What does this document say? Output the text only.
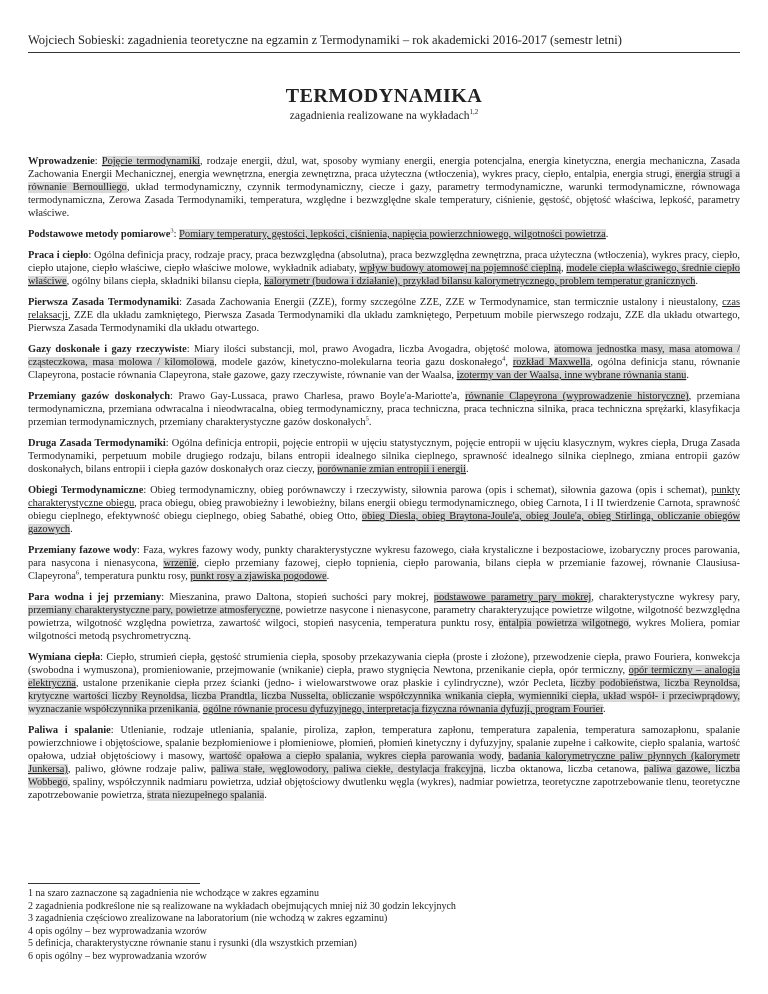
Wojciech Sobieski: zagadnienia teoretyczne na egzamin z Termodynamiki – rok akademicki 2016-2017 (semestr letni)
TERMODYNAMIKA
zagadnienia realizowane na wykładach$^{1,2}$

Wprowadzenie: Pojęcie termodynamiki, rodzaje energii, dżul, wat, sposoby wymiany energii, energia potencjalna, energia kinetyczna, energia mechaniczna, Zasada Zachowania Energii Mechanicznej, energia wewnętrzna, energia zewnętrzna, praca użyteczna (wtłoczenia), wykres pracy, ciepło, entalpia, energia strugi, energia strugi a równanie Bernoulliego, układ termodynamiczny, czynnik termodynamiczny, ciecze i gazy, parametry termodynamiczne, warunki termodynamiczne, równowaga termodynamiczna, Zerowa Zasada Termodynamiki, temperatura, względne i bezwzględne skale temperatury, ciśnienie, gęstość, objętość właściwa, lepkość, parametry właściwe.

Podstawowe metody pomiarowe$^3$: Pomiary temperatury, gęstości, lepkości, ciśnienia, napięcia powierzchniowego, wilgotności powietrza.

Praca i ciepło: Ogólna definicja pracy, rodzaje pracy, praca bezwzględna (absolutna), praca bezwzględna zewnętrzna, praca użyteczna (wtłoczenia), wykres pracy, ciepło, ciepło utajone, ciepło właściwe, ciepło właściwe molowe, wykładnik adiabaty, wpływ budowy atomowej na pojemność cieplną, modele ciepła właściwego, średnie ciepło właściwe, ogólny bilans ciepła, składniki bilansu ciepła, kalorymetr (budowa i działanie), przykład bilansu kalorymetrycznego, problem temperatur granicznych.

Pierwsza Zasada Termodynamiki: Zasada Zachowania Energii (ZZE), formy szczególne ZZE, ZZE w Termodynamice, stan termicznie ustalony i nieustalony, czas relaksacji, ZZE dla układu zamkniętego, Pierwsza Zasada Termodynamiki dla układu zamkniętego, Perpetuum mobile pierwszego rodzaju, ZZE dla układu otwartego, Pierwsza Zasada Termodynamiki dla układu otwartego.

Gazy doskonałe i gazy rzeczywiste: Miary ilości substancji, mol, prawo Avogadra, liczba Avogadra, objętość molowa, atomowa jednostka masy, masa atomowa / cząsteczkowa, masa molowa / kilomolowa, modele gazów, kinetyczno-molekularna teoria gazu doskonałego$^4$, rozkład Maxwella, ogólna definicja stanu, równanie Clapeyrona, postacie równania Clapeyrona, stałe gazowe, gazy rzeczywiste, równanie van der Waalsa, izotermy van der Waalsa, inne wybrane równania stanu.

Przemiany gazów doskonałych: Prawo Gay-Lussaca, prawo Charlesa, prawo Boyle'a-Mariotte'a, równanie Clapeyrona (wyprowadzenie historyczne), przemiana termodynamiczna, przemiana odwracalna i nieodwracalna, obieg termodynamiczny, praca techniczna, praca techniczna silnika, praca techniczna sprężarki, klasyfikacja przemian termodynamicznych, przemiany charakterystyczne gazów doskonałych$^5$.

Druga Zasada Termodynamiki: Ogólna definicja entropii, pojęcie entropii w ujęciu statystycznym, pojęcie entropii w ujęciu klasycznym, wykres ciepła, Druga Zasada Termodynamiki, perpetuum mobile drugiego rodzaju, bilans entropii idealnego silnika cieplnego, sprawność idealnego silnika cieplnego, zmiana entropii gazów doskonałych, bilans entropii i ciepła gazów doskonałych oraz cieczy, porównanie zmian entropii i energii.

Obiegi Termodynamiczne: Obieg termodynamiczny, obieg porównawczy i rzeczywisty, siłownia parowa (opis i schemat), siłownia gazowa (opis i schemat), punkty charakterystyczne obiegu, praca obiegu, obieg prawobieżny i lewobieżny, bilans energii obiegu termodynamicznego, obieg Carnota, I i II twierdzenie Carnota, sprawność obiegu cieplnego, efektywność obiegu cieplnego, obieg Sabathé, obieg Otto, obieg Diesla, obieg Braytona-Joule'a, obieg Joule'a, obieg Stirlinga, obliczanie obiegów gazowych.

Przemiany fazowe wody: Faza, wykres fazowy wody, punkty charakterystyczne wykresu fazowego, ciała krystaliczne i bezpostaciowe, izobaryczny proces parowania, para nasycona i nienasycona, wrzenie, ciepło przemiany fazowej, ciepło topnienia, ciepło parowania, bilans ciepła w przemianie fazowej, równanie Clausiusa-Clapeyrona$^6$, temperatura punktu rosy, punkt rosy a zjawiska pogodowe.

Para wodna i jej przemiany: Mieszanina, prawo Daltona, stopień suchości pary mokrej, podstawowe parametry pary mokrej, charakterystyczne wykresy pary, przemiany charakterystyczne pary, powietrze atmosferyczne, powietrze nasycone i nienasycone, parametry charakteryzujące powietrze wilgotne, wilgotność bezwzględna powietrza, wilgotność względna powietrza, zawartość wilgoci, stopień nasycenia, temperatura punktu rosy, entalpia powietrza wilgotnego, wykres Moliera, pomiar wilgotności metodą psychrometryczną.

Wymiana ciepła: Ciepło, strumień ciepła, gęstość strumienia ciepła, sposoby przekazywania ciepła (proste i złożone), przewodzenie ciepła, prawo Fouriera, konwekcja (swobodna i wymuszona), promieniowanie, przejmowanie (wnikanie) ciepła, prawo stygnięcia Newtona, przenikanie ciepła, opór termiczny, opór termiczny – analogia elektryczna, ustalone przenikanie ciepła przez ścianki (jedno- i wielowarstwowe oraz płaskie i cylindryczne), wzór Pecleta, liczby podobieństwa, liczba Reynoldsa, krytyczne wartości liczby Reynoldsa, liczba Prandtla, liczba Nusselta, obliczanie współczynnika wnikania ciepła, wymienniki ciepła, układ współ- i przeciwprądowy, wyznaczanie współczynnika przenikania, ogólne równanie procesu dyfuzyjnego, interpretacja fizyczna równania dyfuzji, program Fourier.

Paliwa i spalanie: Utlenianie, rodzaje utleniania, spalanie, piroliza, zapłon, temperatura zapłonu, temperatura zapalenia, temperatura samozapłonu, spalanie powierzchniowe i objętościowe, spalanie bezpłomieniowe i płomieniowe, płomień, płomień kinetyczny i dyfuzyjny, spalanie zupełne i całkowite, ciepło spalania, wartość opałowa, udział objętościowy i masowy, wartość opałowa a ciepło spalania, wykres ciepła parowania wody, badania kalorymetryczne paliw płynnych (kalorymetr Junkersa), paliwo, główne rodzaje paliw, paliwa stałe, węglowodory, paliwa ciekłe, destylacja frakcyjna, liczba oktanowa, liczba cetanowa, paliwa gazowe, liczba Wobbego, spaliny, współczynnik nadmiaru powietrza, udział objętościowy dwutlenku węgla (wykres), nadmiar powietrza, teoretyczne zapotrzebowanie tlenu, teoretyczne zapotrzebowanie powietrza, strata niezupełnego spalania.

1 na szaro zaznaczone są zagadnienia nie wchodzące w zakres egzaminu
2 zagadnienia podkreślone nie są realizowane na wykładach obejmujących mniej niż 30 godzin lekcyjnych
3 zagadnienia częściowo zrealizowane na laboratorium (nie wchodzą w zakres egzaminu)
4 opis ogólny – bez wyprowadzania wzorów
5 definicja, charakterystyczne równanie stanu i rysunki (dla wszystkich przemian)
6 opis ogólny – bez wyprowadzania wzorów
